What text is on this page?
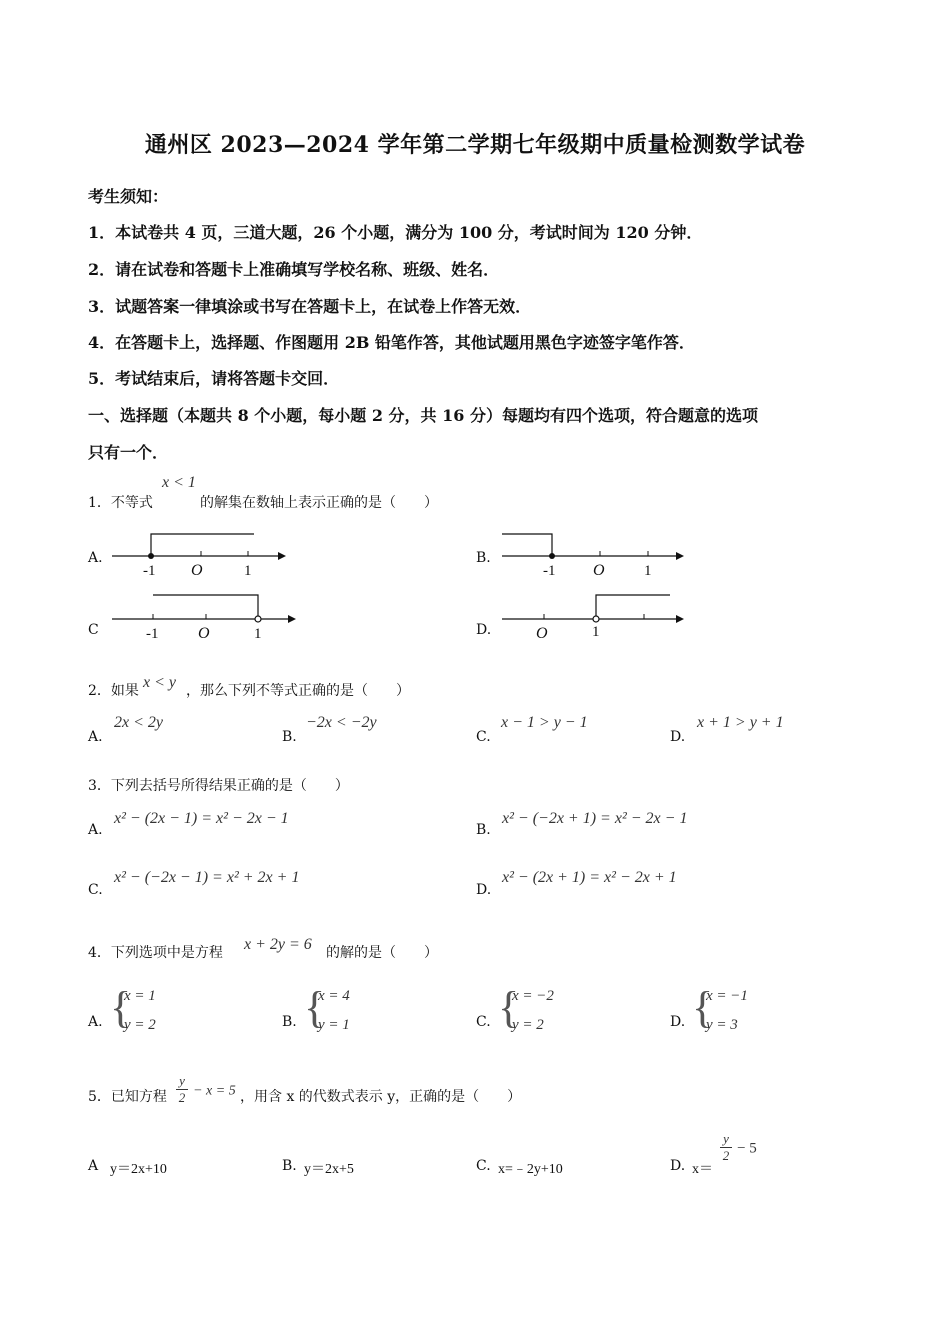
通州区 2023—2024 学年第二学期七年级期中质量检测数学试卷
考生须知：
1．本试卷共 4 页，三道大题，26 个小题，满分为 100 分，考试时间为 120 分钟．
2．请在试卷和答题卡上准确填写学校名称、班级、姓名．
3．试题答案一律填涂或书写在答题卡上，在试卷上作答无效．
4．在答题卡上，选择题、作图题用 2B 铅笔作答，其他试题用黑色字迹签字笔作答．
5．考试结束后，请将答题卡交回．
一、选择题（本题共 8 个小题，每小题 2 分，共 16 分）每题均有四个选项，符合题意的选项
只有一个．
1．不等式
x < 1
的解集在数轴上表示正确的是（　　）
A.
-1 O	1
B.
-1 O	1
C	-1 O	1	D.	O	1
2．如果 x < y ，那么下列不等式正确的是（　　）
A.
2x < 2y
B.
−2x < −2y
C.
x − 1 > y − 1
D.
x + 1 > y + 1
3．下列去括号所得结果正确的是（　　）
A.
x² − (2x − 1) = x² − 2x − 1
B.
x² − (−2x + 1) = x² − 2x − 1
C.
x² − (−2x − 1) = x² + 2x + 1
D.
x² − (2x + 1) = x² − 2x + 1
4．下列选项中是方程 x + 2y = 6 的解的是（　　）
A. {
x = 1
y = 2	B. {
x = 4
y = 1	C. {
x = −2
y = 2	D. {
x = −1
y = 3
5．已知方程 $\frac{y}{2} - x = 5$ ，用含 x 的代数式表示 y，正确的是（　　）
A y＝2x+10	B. y＝2x+5	C. x=﹣2y+10	D. x＝
$\frac{y}{2} - 5$
